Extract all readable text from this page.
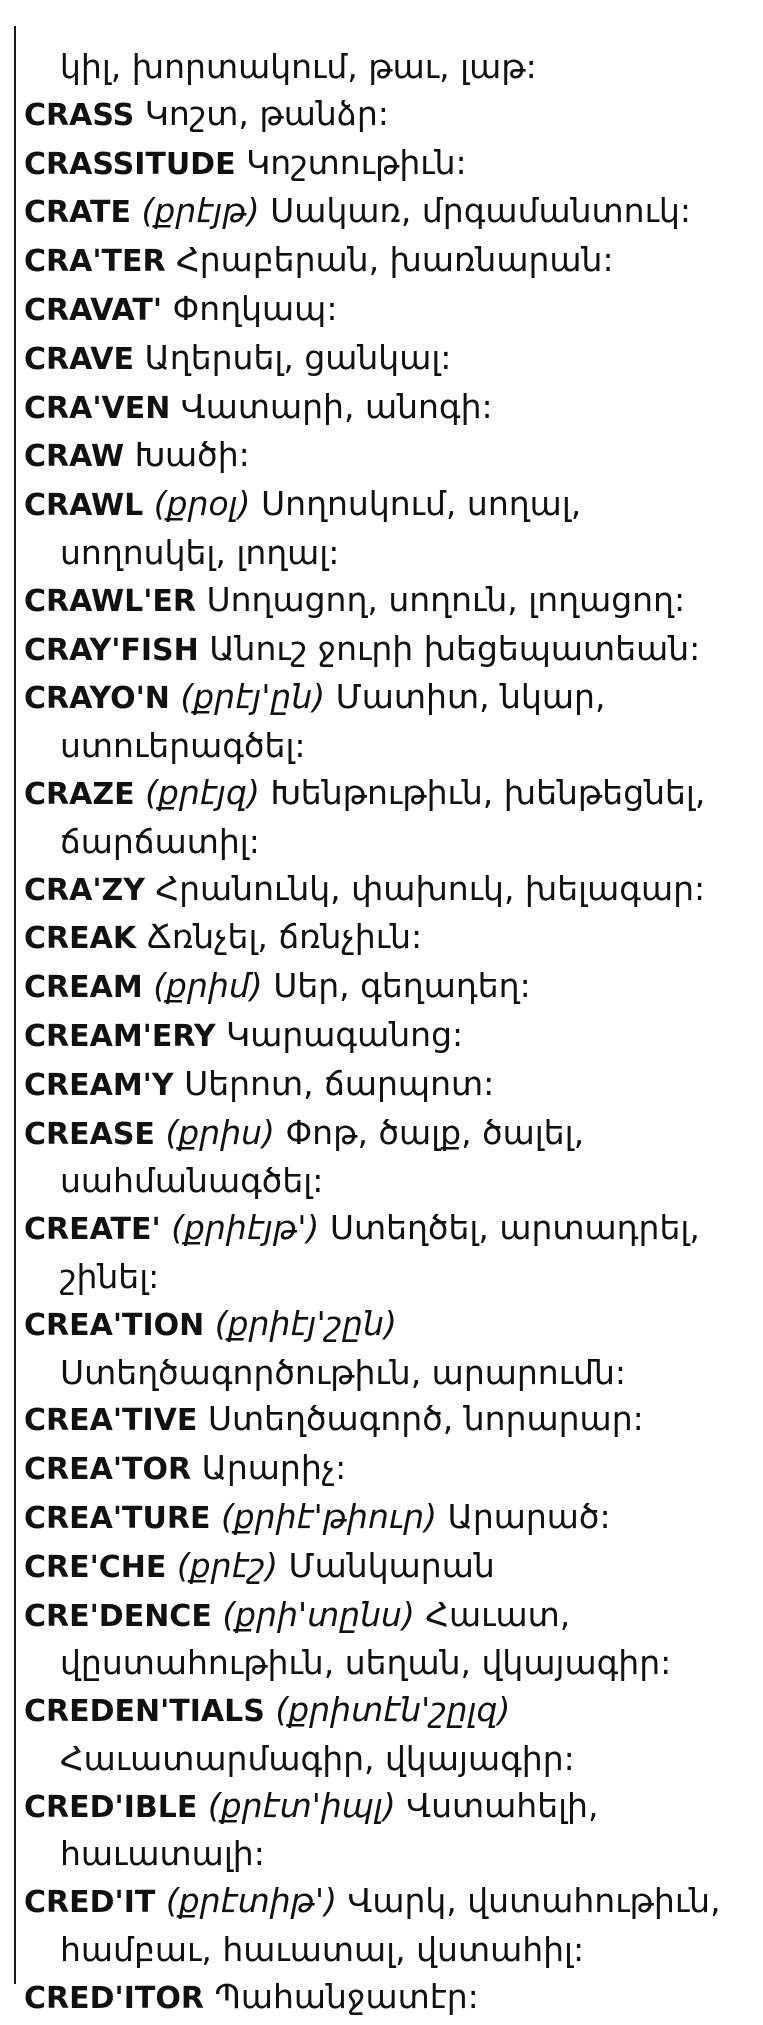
կիլ, խորտակում, թաւ, լաթ:

CRASS Կոշտ, թանձր:

CRASSITUDE Կոշտութիւն:

CRATE (քրէյթ) Սակառ, մրգամանտուկ:

CRA'TER Հրաբերան, խառնարան:

CRAVAT' Փողկապ:

CRAVE Աղերսել, ցանկալ:

CRA'VEN Վատարի, անոգի:

CRAW Խածի:

CRAWL (քրօլ) Սողոսկում, սողալ, սողոսկել, լողալ:

CRAWL'ER Սողացող, սողուն, լողացող:

CRAY'FISH Անուշ ջուրի խեցեպատեան:

CRAYO'N (քրէյ'ըն) Մատիտ, նկար, ստուերագծել:

CRAZE (քրէյզ) Խենթութիւն, խենթեցնել, ճարճատիլ:

CRA'ZY Հրանունկ, փախուկ, խելագար:

CREAK Ճռնչել, ճռնչիւն:

CREAM (քրիմ) Սեր, գեղադեղ:

CREAM'ERY Կարագանոց:

CREAM'Y Սերոտ, ճարպոտ:

CREASE (քրիս) Փոթ, ծալք, ծալել, սահմանագծել:

CREATE' (քրիէյթ') Ստեղծել, արտադրել, շինել:

CREA'TION (քրիէյ'շըն) Ստեղծագործութիւն, արարումն:

CREA'TIVE Ստեղծագործ, նորարար:

CREA'TOR Արարիչ:

CREA'TURE (քրիէ'թիուր) Արարած:

CRE'CHE (քրէշ) Մանկարան

CRE'DENCE (քրի'տընս) Հաւատ, վըստահութիւն, սեղան, վկայագիր:

CREDEN'TIALS (քրիտէն'շըլզ) Հաւատարմագիր, վկայագիր:

CRED'IBLE (քրէտ'իպլ) Վստահելի, հաւատալի:

CRED'IT (քրէտիթ') Վարկ, վստահութիւն, համբաւ, հաւատալ, վստահիլ:

CRED'ITOR Պահանջատէր:
